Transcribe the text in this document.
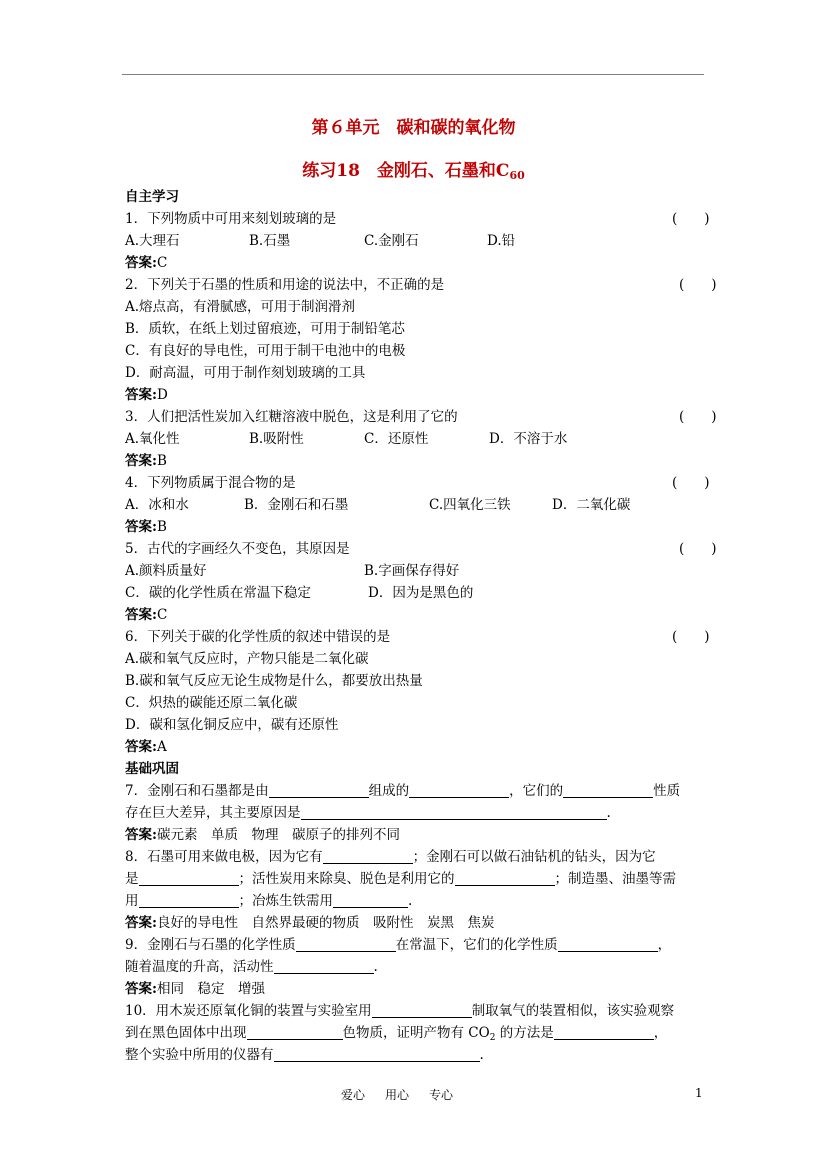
第６单元　碳和碳的氧化物
练习18　金刚石、石墨和$C_{60}$
自主学习
1．下列物质中可用来刻划玻璃的是	(　　)
A.大理石	B.石墨	C.金刚石	D.铅
答案:C
2．下列关于石墨的性质和用途的说法中，不正确的是	(　　)
A.熔点高，有滑腻感，可用于制润滑剂
B．质软，在纸上划过留痕迹，可用于制铅笔芯
C．有良好的导电性，可用于制干电池中的电极
D．耐高温，可用于制作刻划玻璃的工具
答案:D
3．人们把活性炭加入红糖溶液中脱色，这是利用了它的	(　　)
A.氧化性	B.吸附性	C．还原性	D．不溶于水
答案:B
4．下列物质属于混合物的是	(　　)
A．冰和水	B．金刚石和石墨	C.四氧化三铁	D．二氧化碳
答案:B
5．古代的字画经久不变色，其原因是	(　　)
A.颜料质量好	B.字画保存得好
C．碳的化学性质在常温下稳定	D．因为是黑色的
答案:C
6．下列关于碳的化学性质的叙述中错误的是	(　　)
A.碳和氧气反应时，产物只能是二氧化碳
B.碳和氧气反应无论生成物是什么，都要放出热量
C．炽热的碳能还原二氧化碳
D．碳和氢化铜反应中，碳有还原性
答案:A
基础巩固
7．金刚石和石墨都是由	组成的	，它们的	性质
存在巨大差异，其主要原因是	.
答案:碳元素　单质　物理　碳原子的排列不同
8．石墨可用来做电极，因为它有	；金刚石可以做石油钻机的钻头，因为它
是	；活性炭用来除臭、脱色是利用它的	；制造墨、油墨等需
用	；冶炼生铁需用	.
答案:良好的导电性　自然界最硬的物质　吸附性　炭黑　焦炭
9．金刚石与石墨的化学性质	在常温下，它们的化学性质	，
随着温度的升高，活动性	.
答案:相同　稳定　增强
10．用木炭还原氧化铜的装置与实验室用	制取氧气的装置相似，该实验观察
到在黑色固体中出现	色物质，证明产物有 $CO_2$ 的方法是	，
整个实验中所用的仪器有	.
爱心 用心 专心	1
